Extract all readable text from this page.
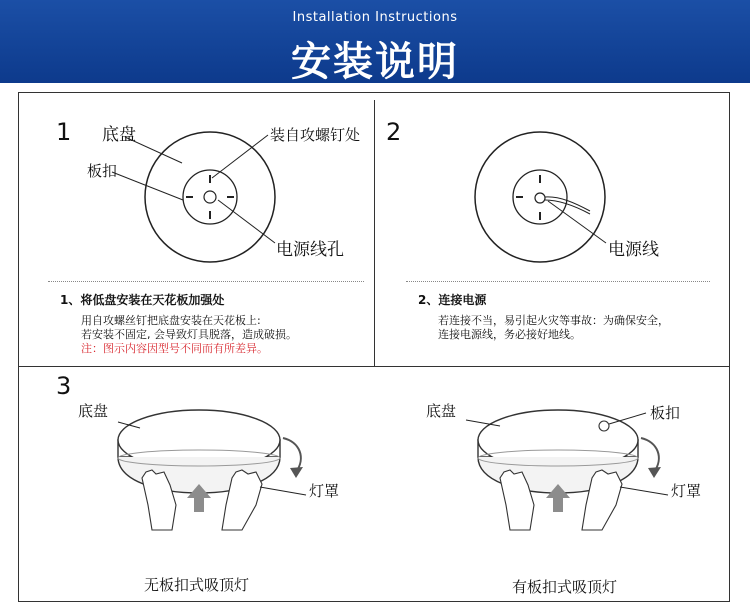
Installation Instructions
安装说明
1 底盘
板扣
装自攻螺钉处
电源线孔
1、将低盘安装在天花板加强处
用自攻螺丝钉把底盘安装在天花板上:
若安装不固定, 会导致灯具脱落，造成破损。
注：图示内容因型号不同而有所差异。
2
电源线
2、连接电源
若连接不当，易引起火灾等事故：为确保安全，
连接电源线，务必接好地线。
3
底盘
灯罩
无板扣式吸顶灯
底盘	板扣
灯罩
有板扣式吸顶灯
